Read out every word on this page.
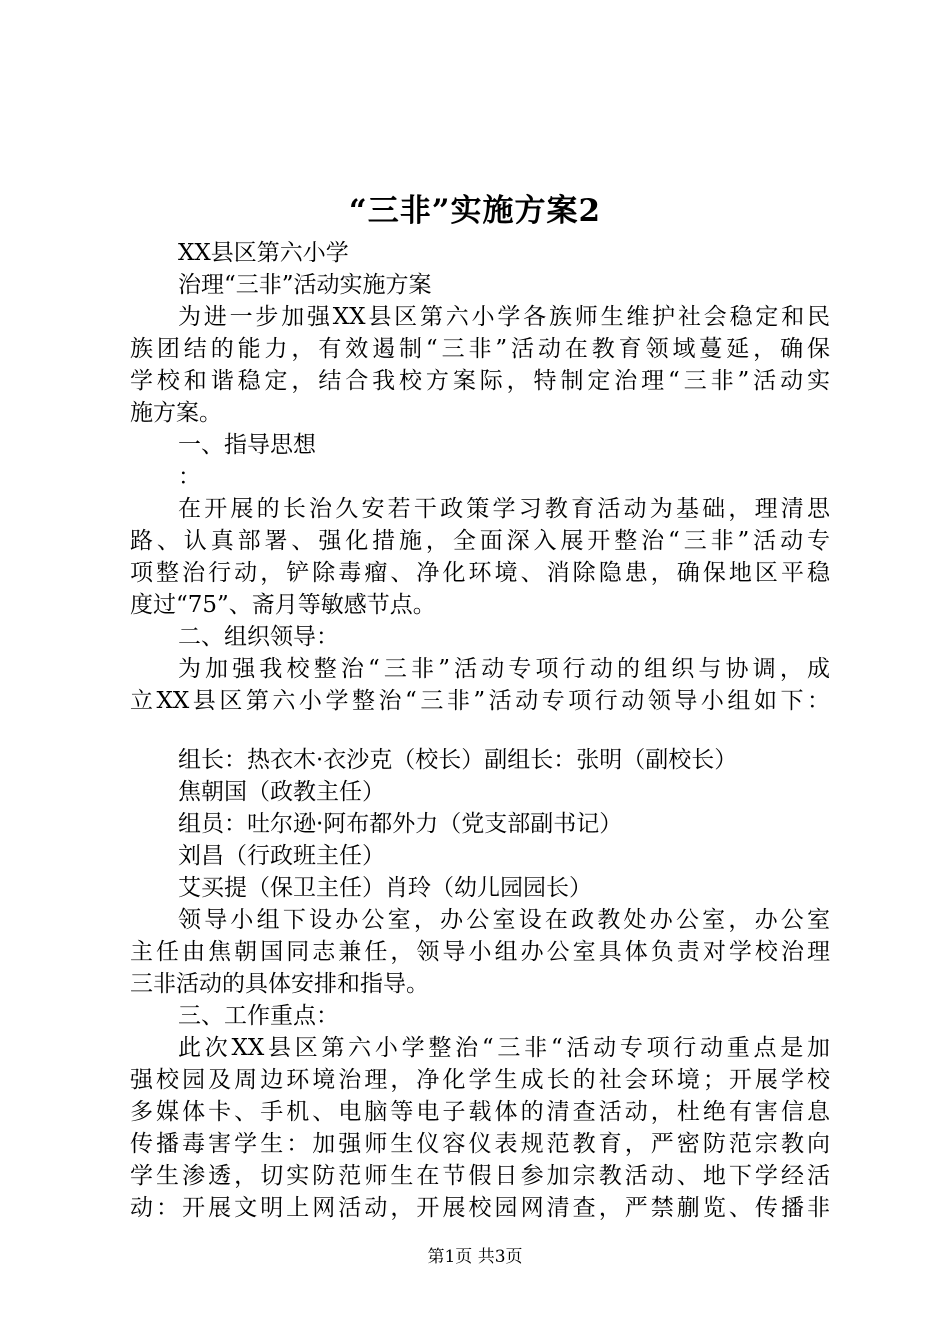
“三非”实施方案2
XX县区第六小学
治理“三非”活动实施方案
为进一步加强XX县区第六小学各族师生维护社会稳定和民
族团结的能力，有效遏制“三非”活动在教育领域蔓延，确保
学校和谐稳定，结合我校方案际，特制定治理“三非”活动实
施方案。
一、指导思想
：
在开展的长治久安若干政策学习教育活动为基础，理清思
路、认真部署、强化措施，全面深入展开整治“三非”活动专
项整治行动，铲除毒瘤、净化环境、消除隐患，确保地区平稳
度过“75”、斋月等敏感节点。
二、组织领导：
为加强我校整治“三非”活动专项行动的组织与协调，成
立XX县区第六小学整治“三非”活动专项行动领导小组如下：
组长：热衣木·衣沙克（校长）副组长：张明（副校长）
焦朝国（政教主任）
组员：吐尔逊·阿布都外力（党支部副书记）
刘昌（行政班主任）
艾买提（保卫主任）肖玲（幼儿园园长）
领导小组下设办公室，办公室设在政教处办公室，办公室
主任由焦朝国同志兼任，领导小组办公室具体负责对学校治理
三非活动的具体安排和指导。
三、工作重点：
此次XX县区第六小学整治“三非“活动专项行动重点是加
强校园及周边环境治理，净化学生成长的社会环境；开展学校
多媒体卡、手机、电脑等电子载体的清查活动，杜绝有害信息
传播毒害学生：加强师生仪容仪表规范教育，严密防范宗教向
学生渗透，切实防范师生在节假日参加宗教活动、地下学经活
动：开展文明上网活动，开展校园网清查，严禁蒯览、传播非
第1页 共3页
